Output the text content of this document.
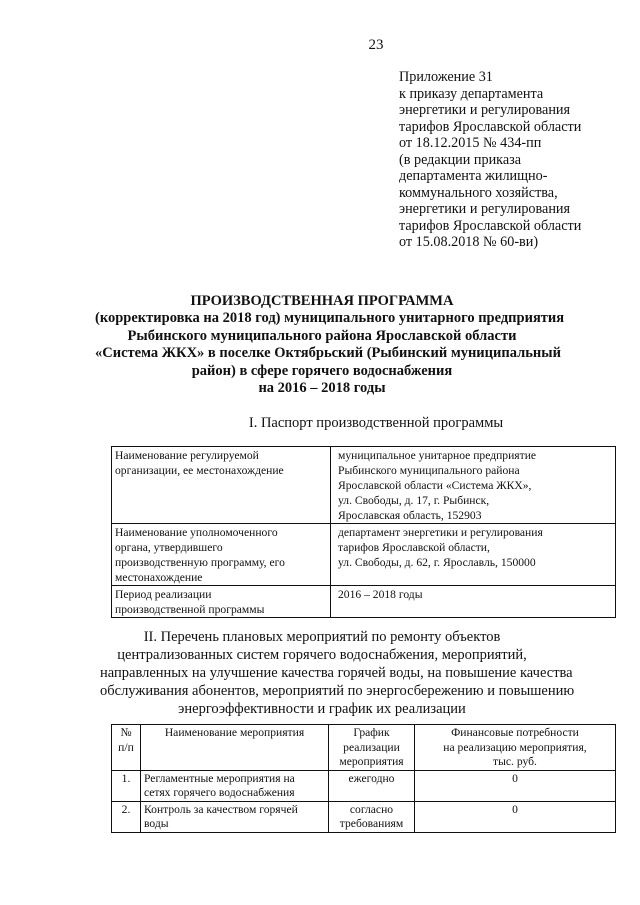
23
Приложение 31
к приказу департамента
энергетики и регулирования
тарифов Ярославской области
от 18.12.2015 № 434-пп
(в редакции приказа
департамента жилищно-
коммунального хозяйства,
энергетики и регулирования
тарифов Ярославской области
от 15.08.2018 № 60-ви)
ПРОИЗВОДСТВЕННАЯ ПРОГРАММА
(корректировка на 2018 год) муниципального унитарного предприятия
Рыбинского муниципального района Ярославской области
«Система ЖКХ» в поселке Октябрьский (Рыбинский муниципальный
район) в сфере горячего водоснабжения
на 2016 – 2018 годы
I. Паспорт производственной программы
Наименование регулируемой
организации, ее местонахождение	муниципальное унитарное предприятие
Рыбинского муниципального района
Ярославской области «Система ЖКХ»,
ул. Свободы, д. 17, г. Рыбинск,
Ярославская область, 152903

Наименование уполномоченного
органа, утвердившего
производственную программу, его
местонахождение	департамент энергетики и регулирования
тарифов Ярославской области,
ул. Свободы, д. 62, г. Ярославль, 150000

Период реализации
производственной программы	2016 – 2018 годы
II. Перечень плановых мероприятий по ремонту объектов
централизованных систем горячего водоснабжения, мероприятий,
направленных на улучшение качества горячей воды, на повышение качества
обслуживания абонентов, мероприятий по энергосбережению и повышению
энергоэффективности и график их реализации
№
п/п	Наименование мероприятия	График
реализации
мероприятия	Финансовые потребности
на реализацию мероприятия,
тыс. руб.

1.	Регламентные мероприятия на
сетях горячего водоснабжения	ежегодно	0
2.	Контроль за качеством горячей
воды	согласно
требованиям	0
